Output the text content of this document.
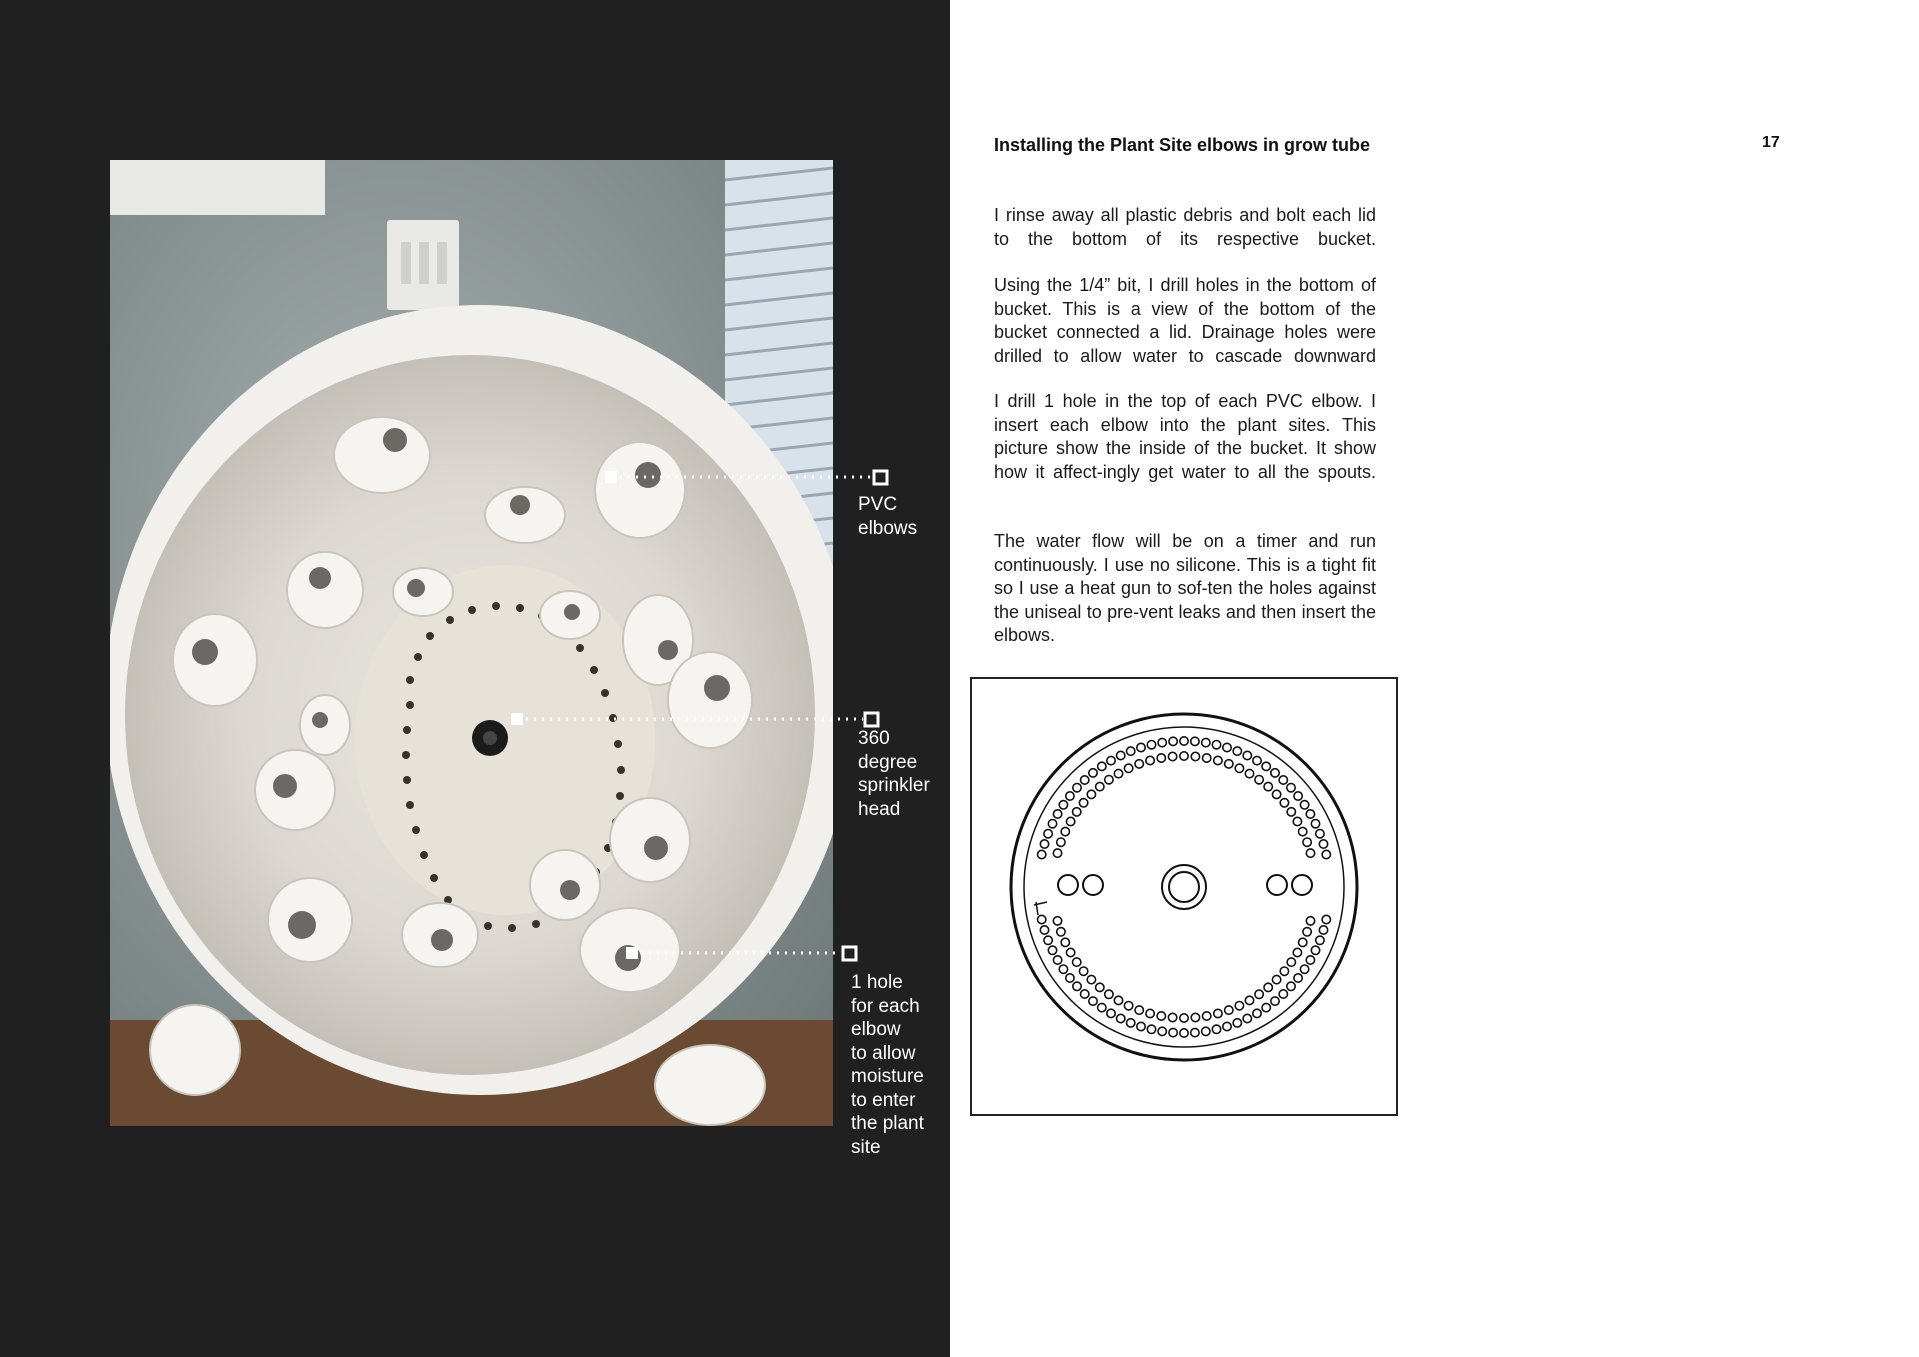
PVC
elbows
360
degree
sprinkler
head
1 hole
for each
elbow
to allow
moisture
to enter
the plant
site
Installing the Plant Site elbows in grow tube	17
I rinse away all plastic debris and bolt each lid to the bottom of its respective bucket.
Using the 1/4” bit, I drill holes in the bottom of bucket. This is a view of the bottom of the bucket connected a lid. Drainage holes were drilled to allow water to cascade downward
I drill 1 hole in the top of each PVC elbow. I insert each elbow into the plant sites. This picture show the inside of the bucket. It show how it affect-ingly get water to all the spouts.
The water flow will be on a timer and run continuously. I use no silicone. This is a tight fit so I use a heat gun to sof-ten the holes against the uniseal to pre-vent leaks and then insert the elbows.
